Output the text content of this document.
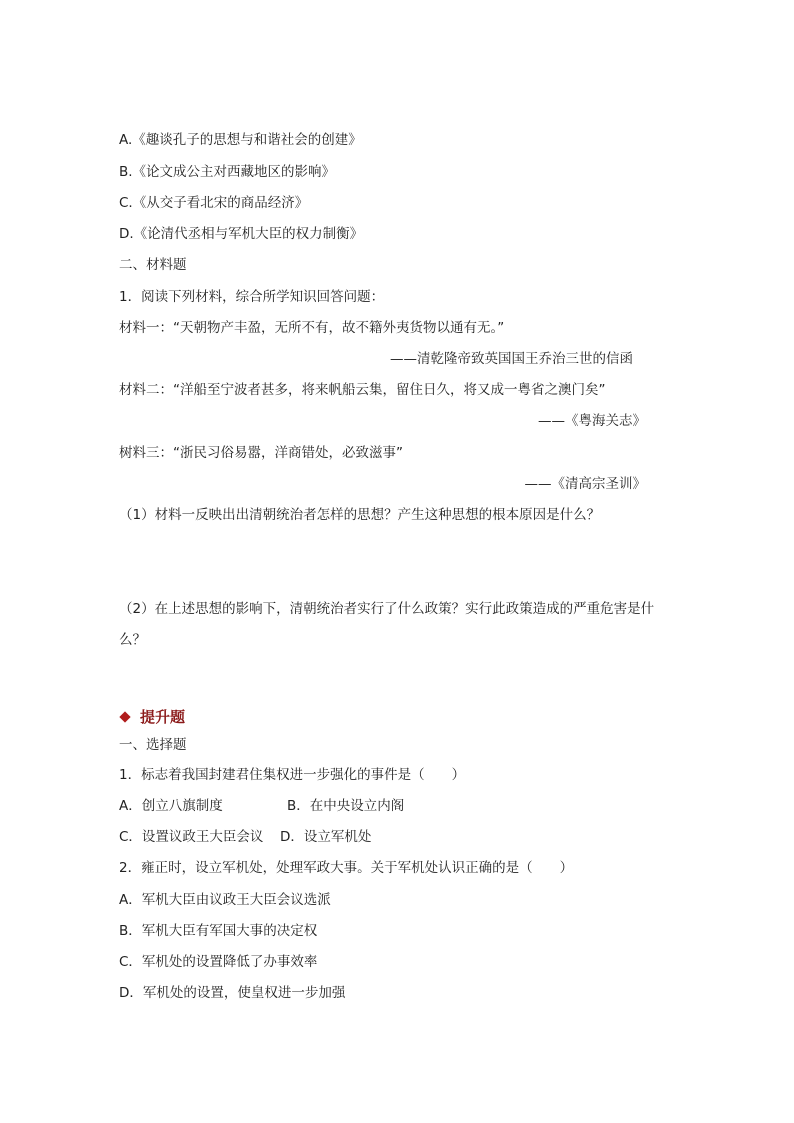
A.《趣谈孔子的思想与和谐社会的创建》
B.《论文成公主对西藏地区的影响》
C.《从交子看北宋的商品经济》
D.《论清代丞相与军机大臣的权力制衡》
二、材料题
1．阅读下列材料，综合所学知识回答问题：
材料一：“天朝物产丰盈，无所不有，故不籍外夷货物以通有无。”
——清乾隆帝致英国国王乔治三世的信函
材料二：“洋船至宁波者甚多，将来帆船云集，留住日久，将又成一粤省之澳门矣”
——《粤海关志》
树料三：“浙民习俗易嚣，洋商错处，必致滋事”
——《清高宗圣训》
（1）材料一反映出出清朝统治者怎样的思想？产生这种思想的根本原因是什么？
（2）在上述思想的影响下，清朝统治者实行了什么政策？实行此政策造成的严重危害是什
么？
提升题
一、选择题
1．标志着我国封建君住集权进一步强化的事件是（　　）
A．创立八旗制度	B．在中央设立内阁
C．设置议政王大臣会议 D．设立军机处
2．雍正时，设立军机处，处理军政大事。关于军机处认识正确的是（　　）
A．军机大臣由议政王大臣会议选派
B．军机大臣有军国大事的决定权
C．军机处的设置降低了办事效率
D．军机处的设置，使皇权进一步加强
